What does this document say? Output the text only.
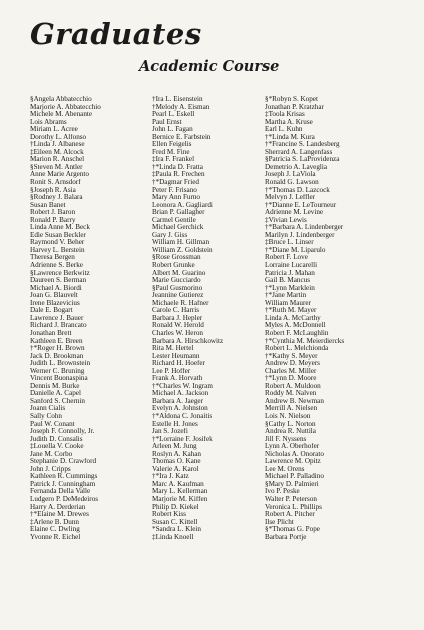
Graduates
Academic Course
§Angela Abbatecchio
Marjorie A. Abbatecchio
Michele M. Abenante
Lois Abrams
Miriam L. Acree
Dorothy L. Alfonso
†Linda J. Albanese
‡Eileen M. Alcock
Marion R. Anschel
§Steven M. Antler
Anne Marie Argento
Ronit S. Arnsdorf
§Joseph R. Asia
§Rodney J. Balara
Susan Banet
Robert J. Baron
Ronald P. Barry
Linda Anne M. Beck
Edie Susan Beckler
Raymond V. Beher
Harvey L. Berstein
Theresa Bergen
Adrienne S. Berke
§Lawrence Berkwitz
Daureen S. Berman
Michael A. Biordi
Joan G. Blauvelt
Irene Blazevicius
Dale E. Bogart
Lawrence J. Bauer
Richard J. Brancato
Jonathan Brett
Kathleen E. Breen
†*Roger H. Brown
Jack D. Brookman
Judith L. Brownstein
Werner C. Bruning
Vincent Buonaspina
Dennis M. Burke
Danielle A. Capel
Sanford S. Chernin
Joann Cialis
Sally Cohn
Paul W. Conant
Joseph F. Connolly, Jr.
Judith D. Consalis
‡Louella V. Cooke
Jane M. Corbo
Stephanie D. Crawford
John J. Cripps
Kathleen R. Cummings
Patrick J. Cunningham
Fernanda Della Valle
Ludgero P. DeMedeiros
Harry A. Derderian
†*Elaine M. Drewes
‡Arlene B. Dunn
Elaine C. Dwling
Yvonne R. Eichel
†Ira L. Eisenstein
†Melody A. Eisman
Pearl L. Eskell
Paul Ernst
John L. Fagan
Bernice E. Farbstein
Ellen Feigelis
Fred M. Fine
‡Ira F. Frankel
†*Linda D. Fratta
‡Paula R. Frechen
†*Dagmar Fried
Peter F. Frisano
Mary Ann Furno
Leonora A. Gagliardi
Brian P. Gallagher
Carmel Gentile
Michael Gerchick
Gary J. Giss
William H. Gillman
William Z. Goldstein
§Rose Grossman
Robert Grunke
Albert M. Guarino
Marie Gucciardo
§Paul Gusmorino
Jeannine Gutierez
Michaele R. Hafner
Carole C. Harris
Barbara J. Hepler
Ronald W. Herold
Charles W. Heron
Barbara A. Hirschkowitz
Rita M. Hertel
Lester Heumann
Richard H. Hoefer
Lee P. Hoffer
Frank A. Horvath
†*Charles W. Ingram
Michael A. Jackson
Barbara A. Jaeger
Evelyn A. Johnston
†*Aldona C. Jonaitis
Estelle H. Jones
Jan S. Jozefi
†*Lorraine F. Josifek
Arleen M. Jung
Roslyn A. Kahan
Thomas O. Kane
Valerie A. Karol
†*Ira J. Katz
Marc A. Kaufman
Mary L. Kellerman
Marjorie M. Kiffen
Philip D. Kiekel
Robert Kiss
Susan C. Kittell
*Sandra L. Klein
‡Linda Knoell
§*Robyn S. Kopet
Jonathan P. Kratzhar
‡Toola Krisas
Martha A. Kruse
Earl L. Kuhn
†*Linda M. Kura
†*Francine S. Landesberg
Sherrard A. Langenfass
§Patricia S. LaProvidenza
Demetrio A. Laveglia
Joseph J. LaViola
Ronald G. Lawson
†*Thomas D. Lazcock
Melvyn J. Leffler
†*Dianne E. LeTourneur
Adrienne M. Levine
‡Vivian Lewis
†*Barbara A. Lindenberger
Marilyn J. Lindenberger
‡Bruce L. Linser
†*Diane M. Liparulo
Robert F. Love
Lorraine Lucarelli
Patricia J. Mahan
Gail B. Mancus
†*Lynn Marklein
†*Jane Martin
William Maurer
†*Ruth M. Mayer
Linda A. McCarthy
Myles A. McDonnell
Robert F. McLaughlin
†*Cynthia M. Meierdiercks
Robert L. Melchionda
†*Kathy S. Meyer
Andrew D. Meyers
Charles M. Miller
†*Lynn D. Moore
Robert A. Muldoon
Roddy M. Nalven
Andrew B. Newman
Merrill A. Nielsen
Lois N. Nielson
§Cathy L. Norton
Andrea R. Nuttila
Jill F. Nyssens
Lynn A. Oberhofer
Nicholas A. Onorato
Lawrence M. Opitz
Lee M. Orens
Michael P. Palladino
§Mary D. Palmieri
Ivo P. Peske
Walter P. Peterson
Veronica L. Phillips
Robert A. Pitcher
Ilse Plicht
§*Thomas G. Pope
Barbara Portje
